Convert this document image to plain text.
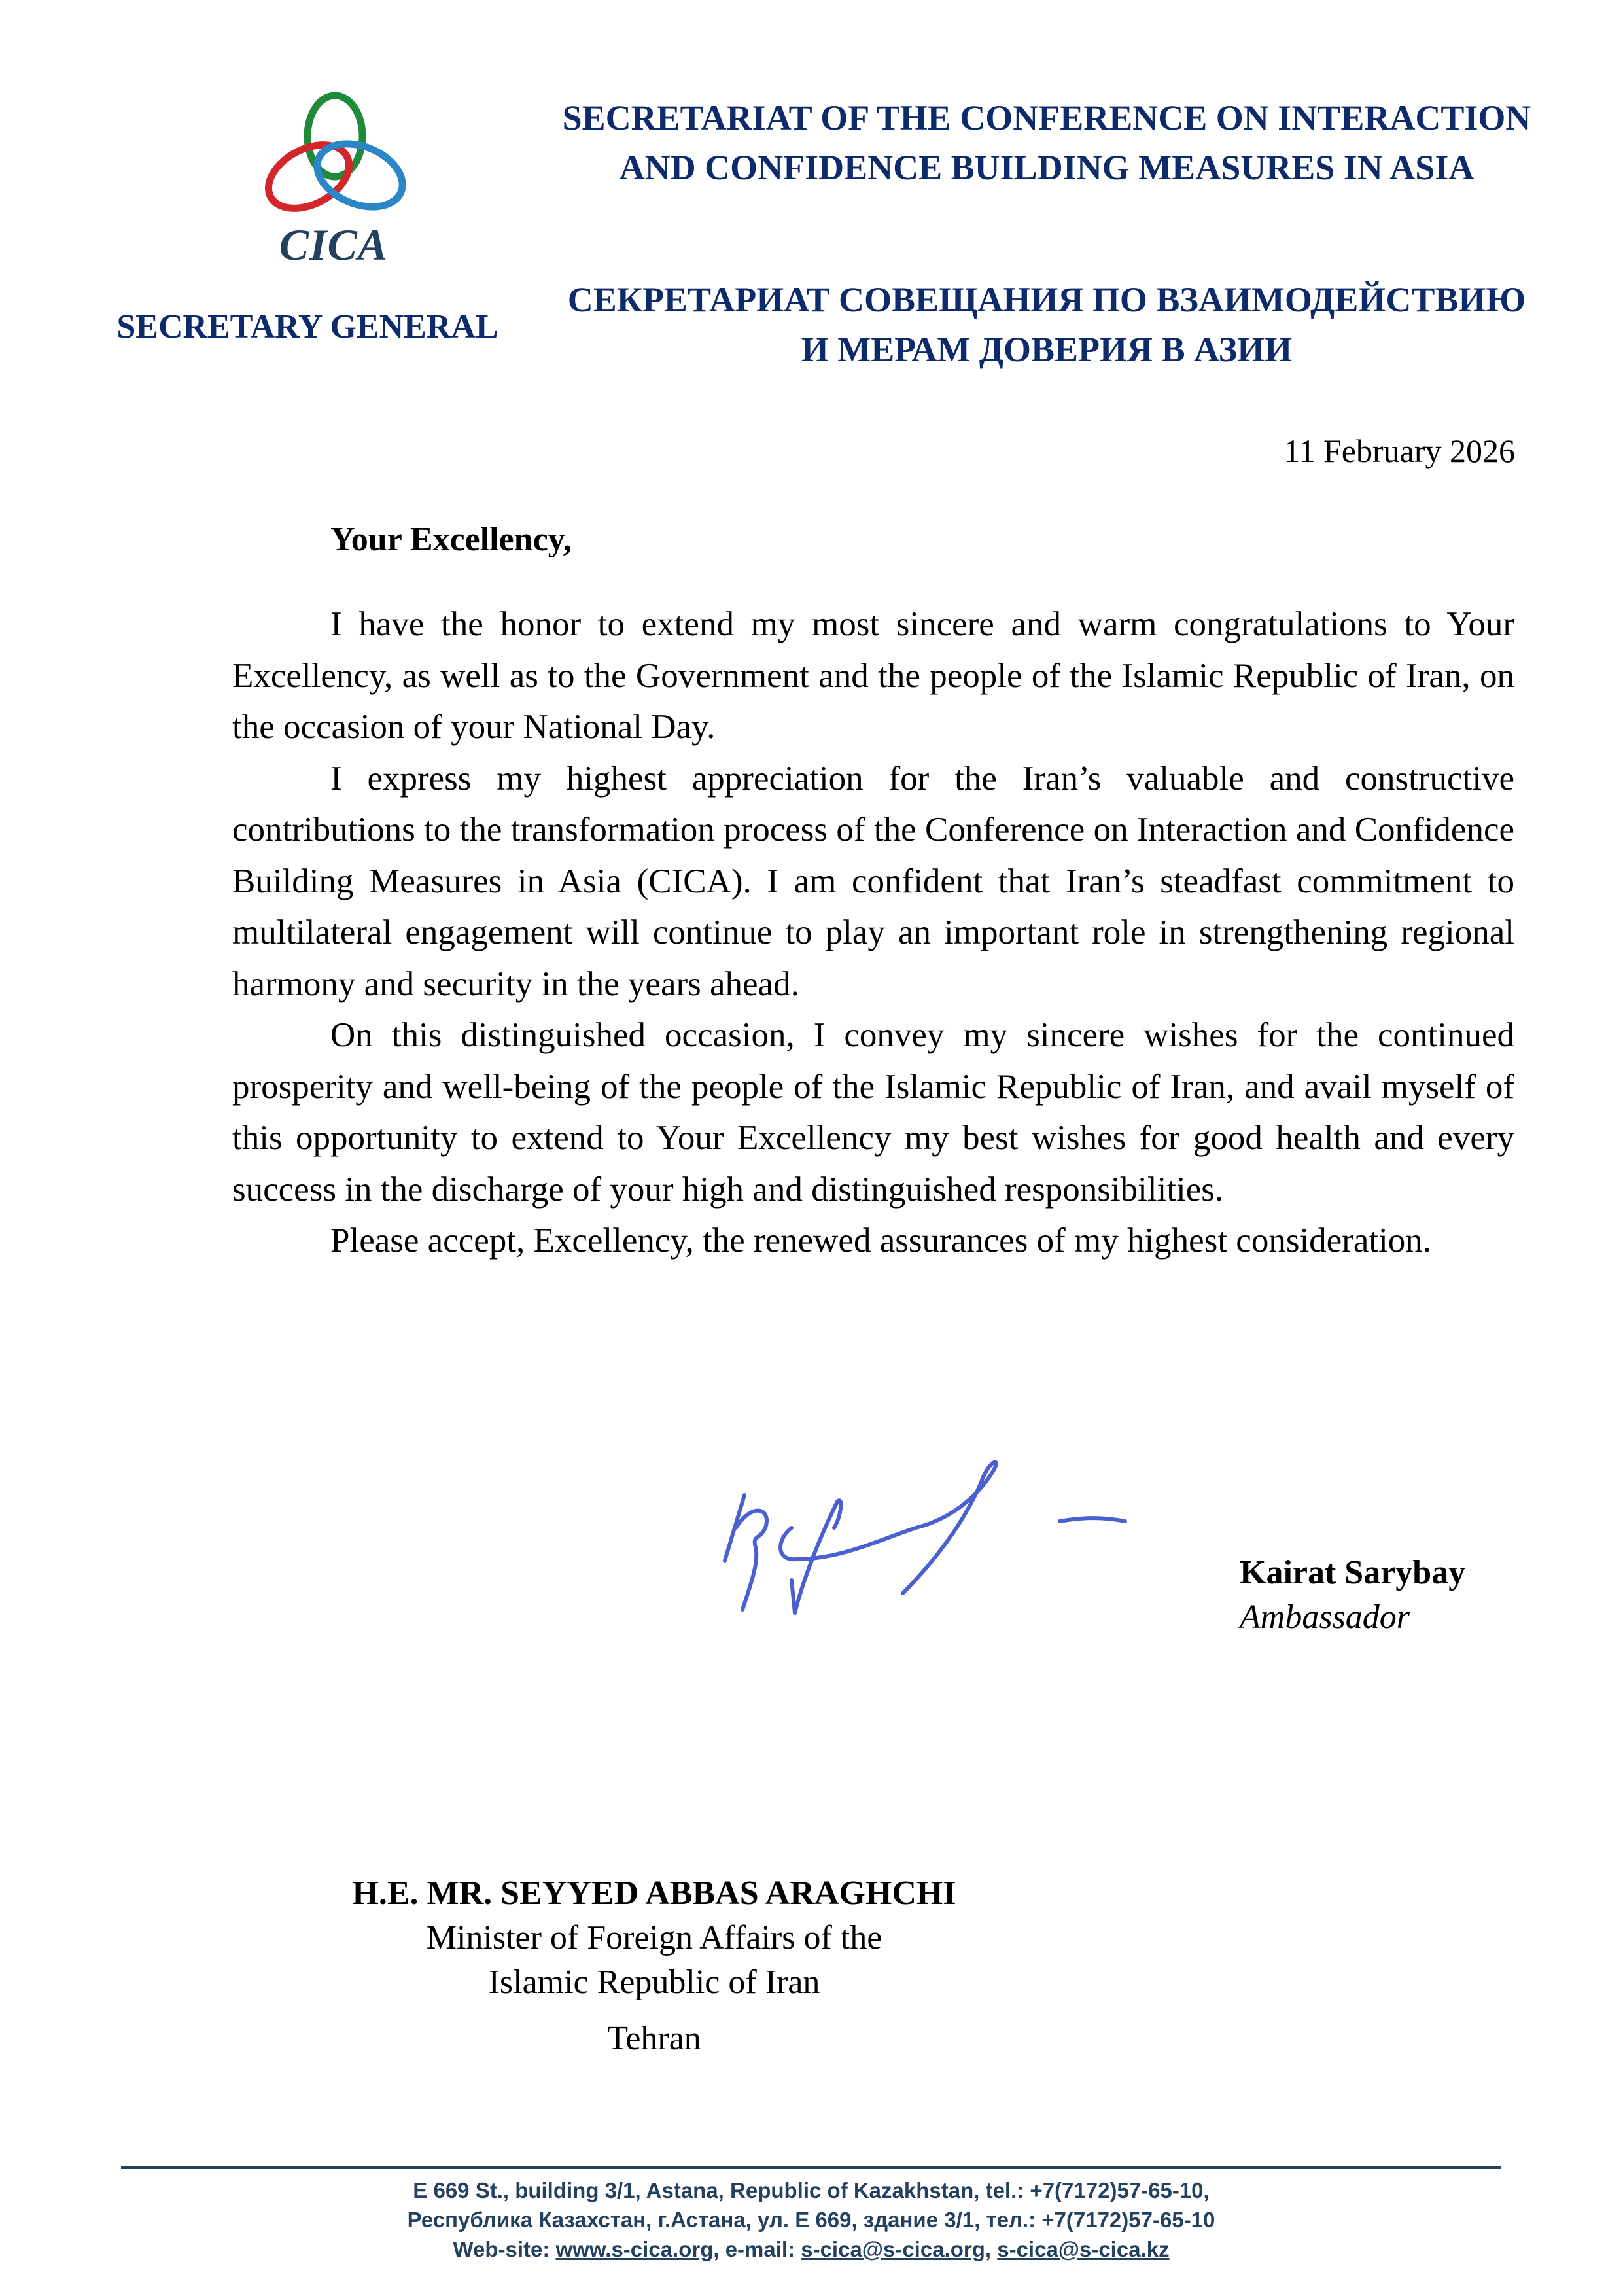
CICA
SECRETARY GENERAL
SECRETARIAT OF THE CONFERENCE ON INTERACTION
AND CONFIDENCE BUILDING MEASURES IN ASIA
СЕКРЕТАРИАТ СОВЕЩАНИЯ ПО ВЗАИМОДЕЙСТВИЮ
И МЕРАМ ДОВЕРИЯ В АЗИИ
11 February 2026
Your Excellency,

I have the honor to extend my most sincere and warm congratulations to Your Excellency, as well as to the Government and the people of the Islamic Republic of Iran, on the occasion of your National Day.

I express my highest appreciation for the Iran’s valuable and constructive contributions to the transformation process of the Conference on Interaction and Confidence Building Measures in Asia (CICA). I am confident that Iran’s steadfast commitment to multilateral engagement will continue to play an important role in strengthening regional harmony and security in the years ahead.

On this distinguished occasion, I convey my sincere wishes for the continued prosperity and well-being of the people of the Islamic Republic of Iran, and avail myself of this opportunity to extend to Your Excellency my best wishes for good health and every success in the discharge of your high and distinguished responsibilities.

Please accept, Excellency, the renewed assurances of my highest consideration.

Kairat Sarybay
Ambassador
H.E. MR. SEYYED ABBAS ARAGHCHI
Minister of Foreign Affairs of the
Islamic Republic of Iran
Tehran
E 669 St., building 3/1, Astana, Republic of Kazakhstan, tel.: +7(7172)57-65-10,
Республика Казахстан, г.Астана, ул. Е 669, здание 3/1, тел.: +7(7172)57-65-10
Web-site: www.s-cica.org, e-mail: s-cica@s-cica.org, s-cica@s-cica.kz
